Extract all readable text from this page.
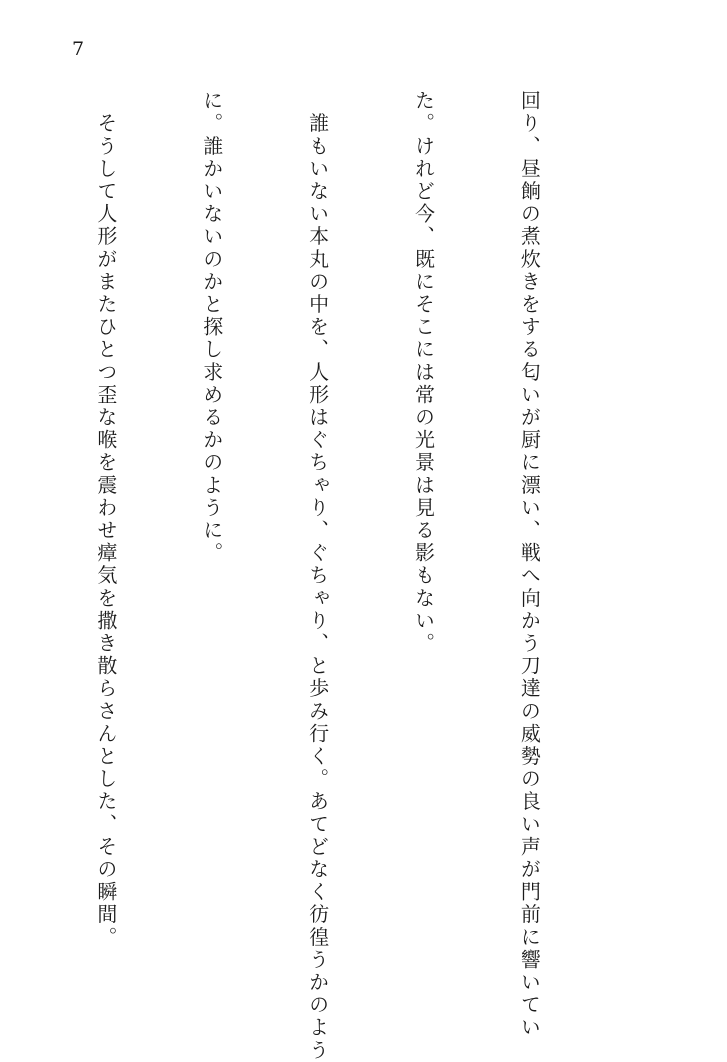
7

回り、昼餉の煮炊きをする匂いが厨に漂い、戦へ向かう刀達の威勢の良い声が門前に響いてい

た。けれど今、既にそこには常の光景は見る影もない。

　誰もいない本丸の中を、人形はぐちゃり、ぐちゃり、と歩み行く。あてどなく彷徨うかのよう

に。誰かいないのかと探し求めるかのように。

　そうして人形がまたひとつ歪な喉を震わせ瘴気を撒き散らさんとした、その瞬間。
